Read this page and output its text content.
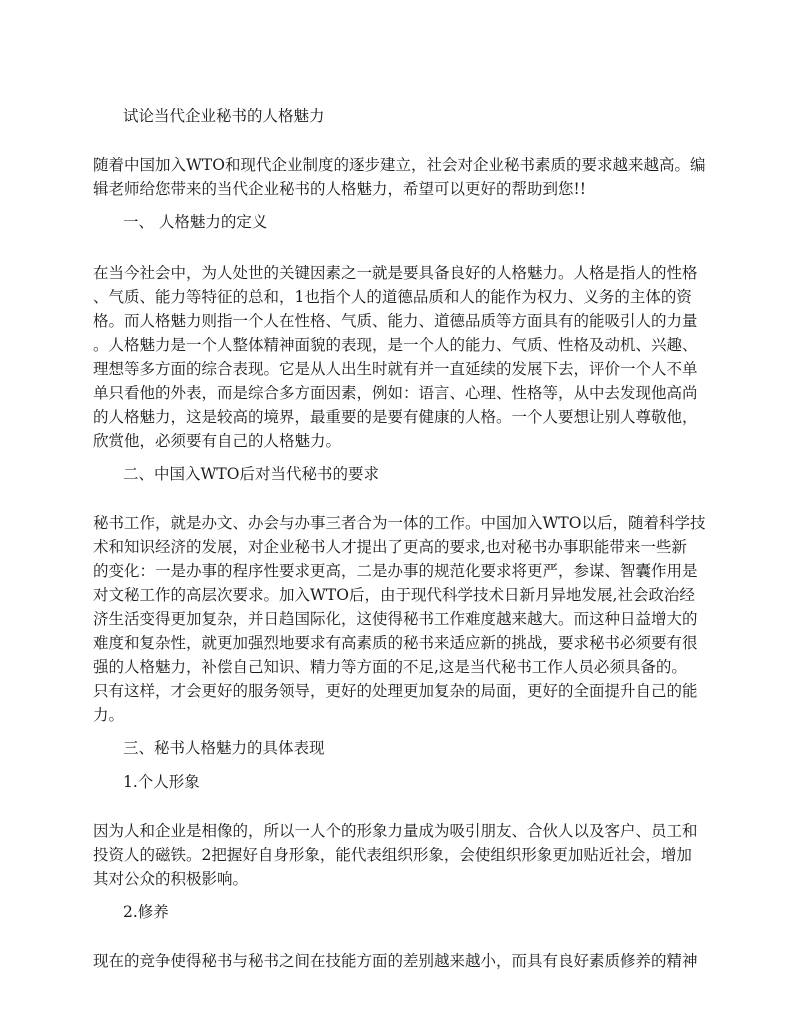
试论当代企业秘书的人格魅力
随着中国加入WTO和现代企业制度的逐步建立，社会对企业秘书素质的要求越来越高。编
辑老师给您带来的当代企业秘书的人格魅力，希望可以更好的帮助到您!!
一、 人格魅力的定义
在当今社会中，为人处世的关键因素之一就是要具备良好的人格魅力。人格是指人的性格
、气质、能力等特征的总和，1也指个人的道德品质和人的能作为权力、义务的主体的资
格。而人格魅力则指一个人在性格、气质、能力、道德品质等方面具有的能吸引人的力量
。人格魅力是一个人整体精神面貌的表现，是一个人的能力、气质、性格及动机、兴趣、
理想等多方面的综合表现。它是从人出生时就有并一直延续的发展下去，评价一个人不单
单只看他的外表，而是综合多方面因素，例如：语言、心理、性格等，从中去发现他高尚
的人格魅力，这是较高的境界，最重要的是要有健康的人格。一个人要想让别人尊敬他，
欣赏他，必须要有自己的人格魅力。
二、中国入WTO后对当代秘书的要求
秘书工作，就是办文、办会与办事三者合为一体的工作。中国加入WTO以后，随着科学技
术和知识经济的发展，对企业秘书人才提出了更高的要求,也对秘书办事职能带来一些新
的变化：一是办事的程序性要求更高，二是办事的规范化要求将更严，参谋、智囊作用是
对文秘工作的高层次要求。加入WTO后，由于现代科学技术日新月异地发展,社会政治经
济生活变得更加复杂，并日趋国际化，这使得秘书工作难度越来越大。而这种日益增大的
难度和复杂性，就更加强烈地要求有高素质的秘书来适应新的挑战，要求秘书必须要有很
强的人格魅力，补偿自己知识、精力等方面的不足,这是当代秘书工作人员必须具备的。
只有这样，才会更好的服务领导，更好的处理更加复杂的局面，更好的全面提升自己的能
力。
三、秘书人格魅力的具体表现
1.个人形象
因为人和企业是相像的，所以一人个的形象力量成为吸引朋友、合伙人以及客户、员工和
投资人的磁铁。2把握好自身形象，能代表组织形象，会使组织形象更加贴近社会，增加
其对公众的积极影响。
2.修养
现在的竞争使得秘书与秘书之间在技能方面的差别越来越小，而具有良好素质修养的精神
